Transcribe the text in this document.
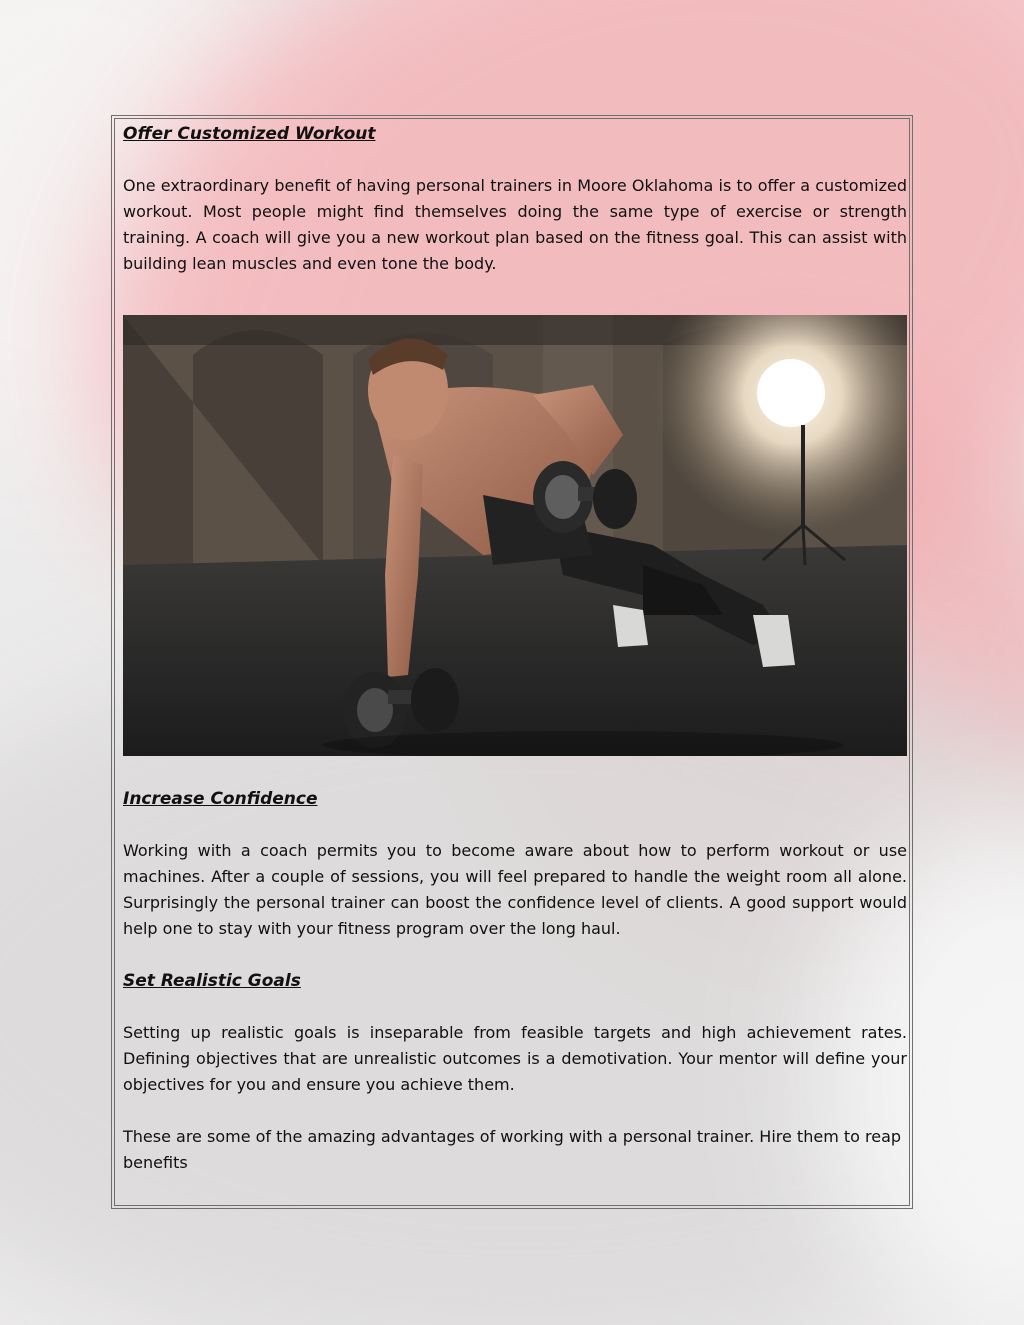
Offer Customized Workout

One extraordinary benefit of having personal trainers in Moore Oklahoma is to offer a customized workout. Most people might find themselves doing the same type of exercise or strength training. A coach will give you a new workout plan based on the fitness goal. This can assist with building lean muscles and even tone the body.

Increase Confidence

Working with a coach permits you to become aware about how to perform workout or use machines. After a couple of sessions, you will feel prepared to handle the weight room all alone. Surprisingly the personal trainer can boost the confidence level of clients. A good support would help one to stay with your fitness program over the long haul.

Set Realistic Goals

Setting up realistic goals is inseparable from feasible targets and high achievement rates. Defining objectives that are unrealistic outcomes is a demotivation. Your mentor will define your objectives for you and ensure you achieve them.

These are some of the amazing advantages of working with a personal trainer. Hire them to reap benefits
